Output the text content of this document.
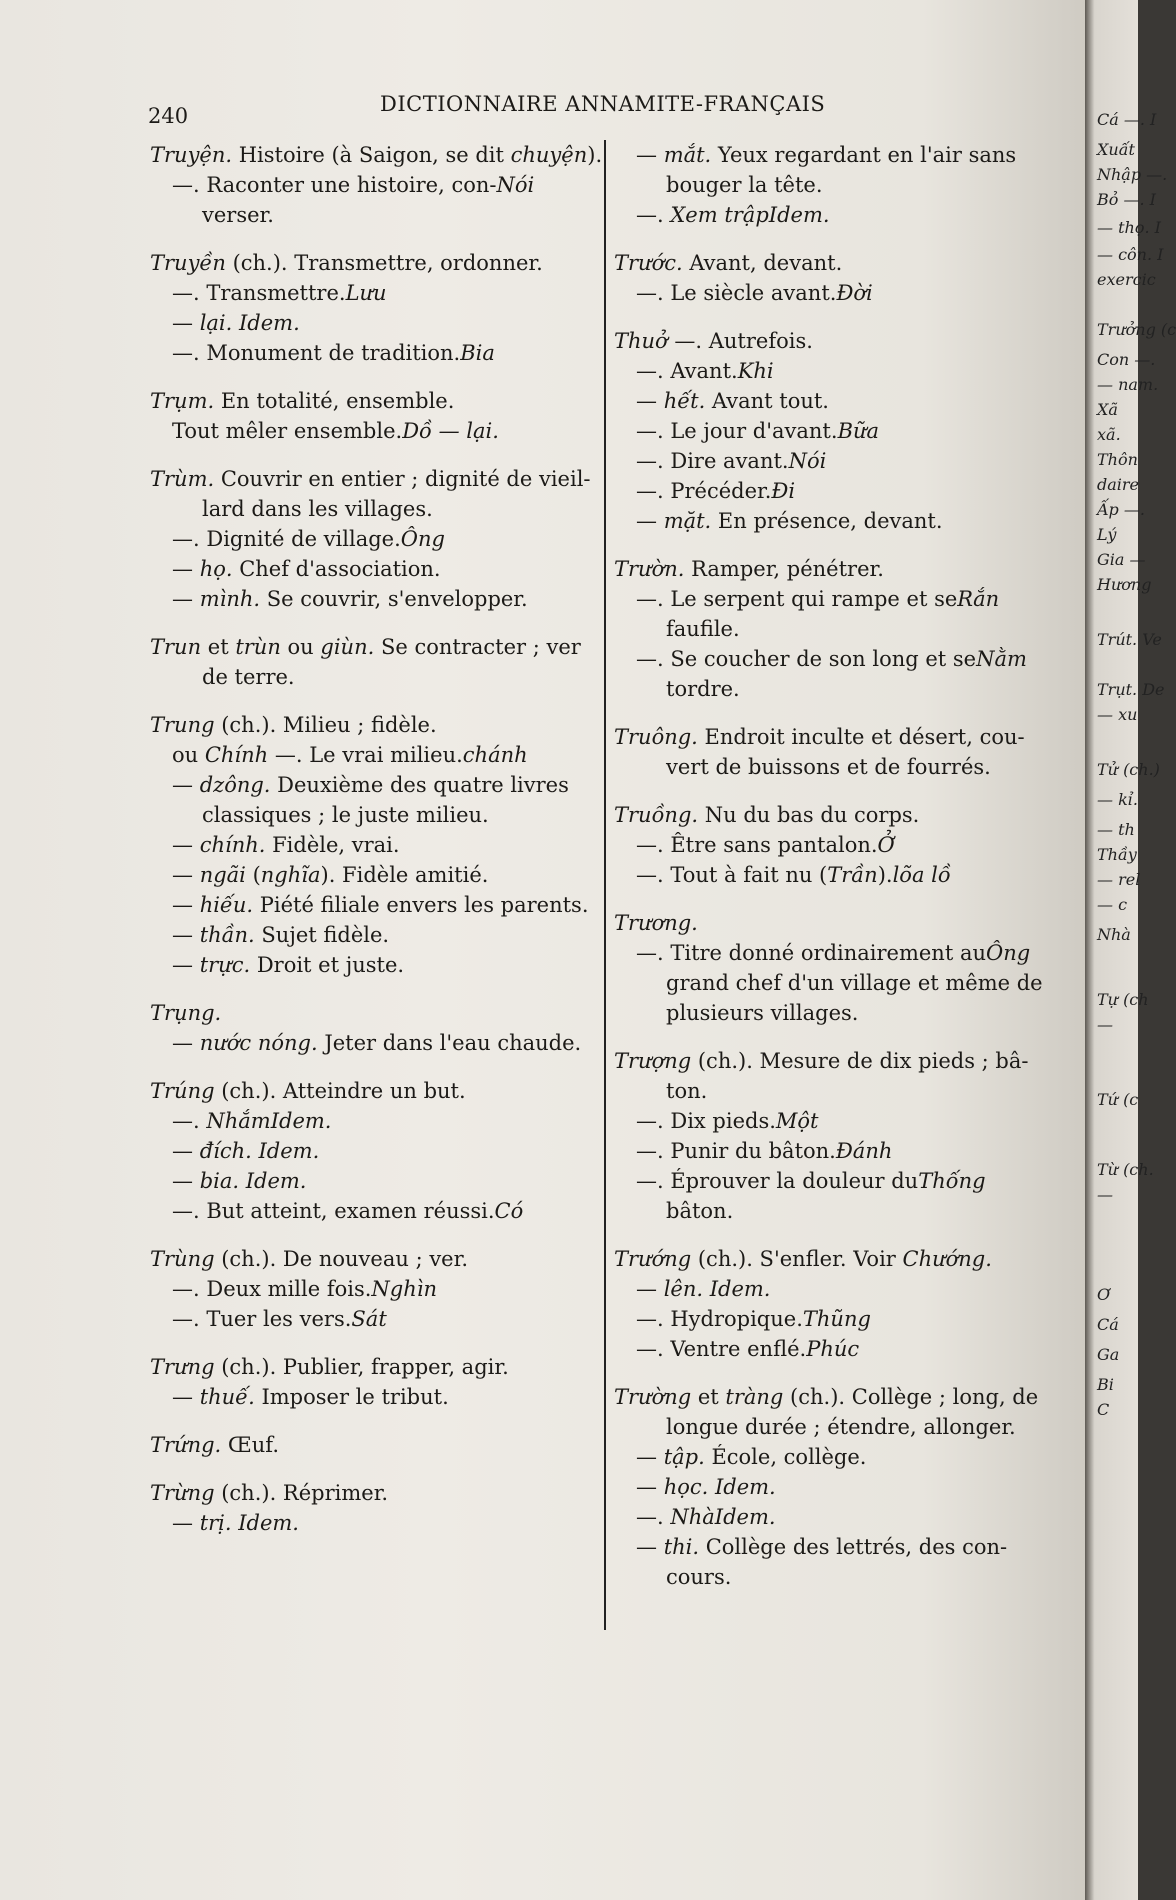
240	DICTIONNAIRE ANNAMITE-FRANÇAIS
Truyện. Histoire (à Saigon, se dit chuyện).
—. Raconter une histoire, con-Nói
verser.
Truyền (ch.). Transmettre, ordonner.
—. Transmettre.Lưu
— lại. Idem.
—. Monument de tradition.Bia
Trụm. En totalité, ensemble.
Tout mêler ensemble.Dồ — lại.
Trùm. Couvrir en entier ; dignité de vieil-
lard dans les villages.
—. Dignité de village.Ông
— họ. Chef d'association.
— mình. Se couvrir, s'envelopper.
Trun et trùn ou giùn. Se contracter ; ver
de terre.
Trung (ch.). Milieu ; fidèle.
ou Chính —. Le vrai milieu.chánh
— dzông. Deuxième des quatre livres
classiques ; le juste milieu.
— chính. Fidèle, vrai.
— ngãi (nghĩa). Fidèle amitié.
— hiếu. Piété filiale envers les parents.
— thần. Sujet fidèle.
— trực. Droit et juste.
Trụng.
— nước nóng. Jeter dans l'eau chaude.
Trúng (ch.). Atteindre un but.
—. NhắmIdem.
— đích. Idem.
— bia. Idem.
—. But atteint, examen réussi.Có
Trùng (ch.). De nouveau ; ver.
—. Deux mille fois.Nghìn
—. Tuer les vers.Sát
Trưng (ch.). Publier, frapper, agir.
— thuế. Imposer le tribut.
Trứng. Œuf.
Trừng (ch.). Réprimer.
— trị. Idem.
— mắt. Yeux regardant en l'air sans
bouger la tête.
—. Xem trậpIdem.
Trước. Avant, devant.
—. Le siècle avant.Đời
Thuở —. Autrefois.
—. Avant.Khi
— hết. Avant tout.
—. Le jour d'avant.Bữa
—. Dire avant.Nói
—. Précéder.Đi
— mặt. En présence, devant.
Trườn. Ramper, pénétrer.
—. Le serpent qui rampe et seRắn
faufile.
—. Se coucher de son long et seNằm
tordre.
Truông. Endroit inculte et désert, cou-
vert de buissons et de fourrés.
Truồng. Nu du bas du corps.
—. Être sans pantalon.Ở
—. Tout à fait nu (Trần).lõa lồ
Trương.
—. Titre donné ordinairement auÔng
grand chef d'un village et même de
plusieurs villages.
Trượng (ch.). Mesure de dix pieds ; bâ-
ton.
—. Dix pieds.Một
—. Punir du bâton.Đánh
—. Éprouver la douleur duThống
bâton.
Trướng (ch.). S'enfler. Voir Chướng.
— lên. Idem.
—. Hydropique.Thũng
—. Ventre enflé.Phúc
Trường et tràng (ch.). Collège ; long, de
longue durée ; étendre, allonger.
— tập. École, collège.
— học. Idem.
—. NhàIdem.
— thi. Collège des lettrés, des con-
cours.
Cá —. I
Xuất
Nhập —.
Bỏ —. I
— thọ. I
— côn. I
exercic
Trưởng (c
Con —.
— nam.
Xã
xã.
Thôn
daire
Ấp —.
Lý
Gia —
Hương
Trút. Ve
Trụt. De
— xu
Tử (ch.)
— kỉ.
— th
Thầy
— rel
— c
Nhà
Tự (ch
—
Tứ (c
Từ (ch.
—
Ơ
Cá
Ga
Bi
C
